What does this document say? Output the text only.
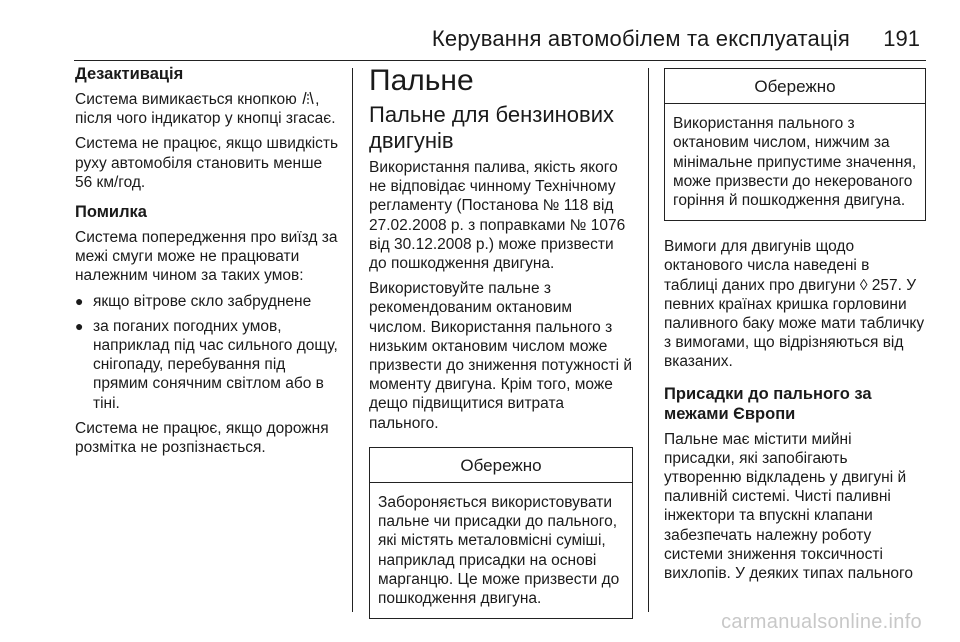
Керування автомобілем та експлуатація 191
Дезактивація

Система вимикається кнопкою , після чого індикатор у кнопці згасає.

Система не працює, якщо швидкість руху автомобіля становить менше 56 км/год.

Помилка

Система попередження про виїзд за межі смуги може не працювати належним чином за таких умов:

● якщо вітрове скло забруднене
● за поганих погодних умов, наприклад під час сильного дощу, снігопаду, перебування під прямим сонячним світлом або в тіні.

Система не працює, якщо дорожня розмітка не розпізнається.

Пальне
Пальне для бензинових двигунів

Використання палива, якість якого не відповідає чинному Технічному регламенту (Постанова № 118 від 27.02.2008 р. з поправками № 1076 від 30.12.2008 р.) може призвести до пошкодження двигуна.

Використовуйте пальне з рекомендованим октановим числом. Використання пального з низьким октановим числом може призвести до зниження потужності й моменту двигуна. Крім того, може дещо підвищитися витрата пального.

Обережно
Забороняється використовувати пальне чи присадки до пального, які містять металовмісні суміші, наприклад присадки на основі марганцю. Це може призвести до пошкодження двигуна.
Обережно
Використання пального з октановим числом, нижчим за мінімальне припустиме значення, може призвести до некерованого горіння й пошкодження двигуна.

Вимоги для двигунів щодо октанового числа наведені в таблиці даних про двигуни ◊ 257. У певних країнах кришка горловини паливного баку може мати табличку з вимогами, що відрізняються від вказаних.

Присадки до пального за межами Європи

Пальне має містити мийні присадки, які запобігають утворенню відкладень у двигуні й паливній системі. Чисті паливні інжектори та впускні клапани забезпечать належну роботу системи зниження токсичності вихлопів. У деяких типах пального

carmanualsonline.info
